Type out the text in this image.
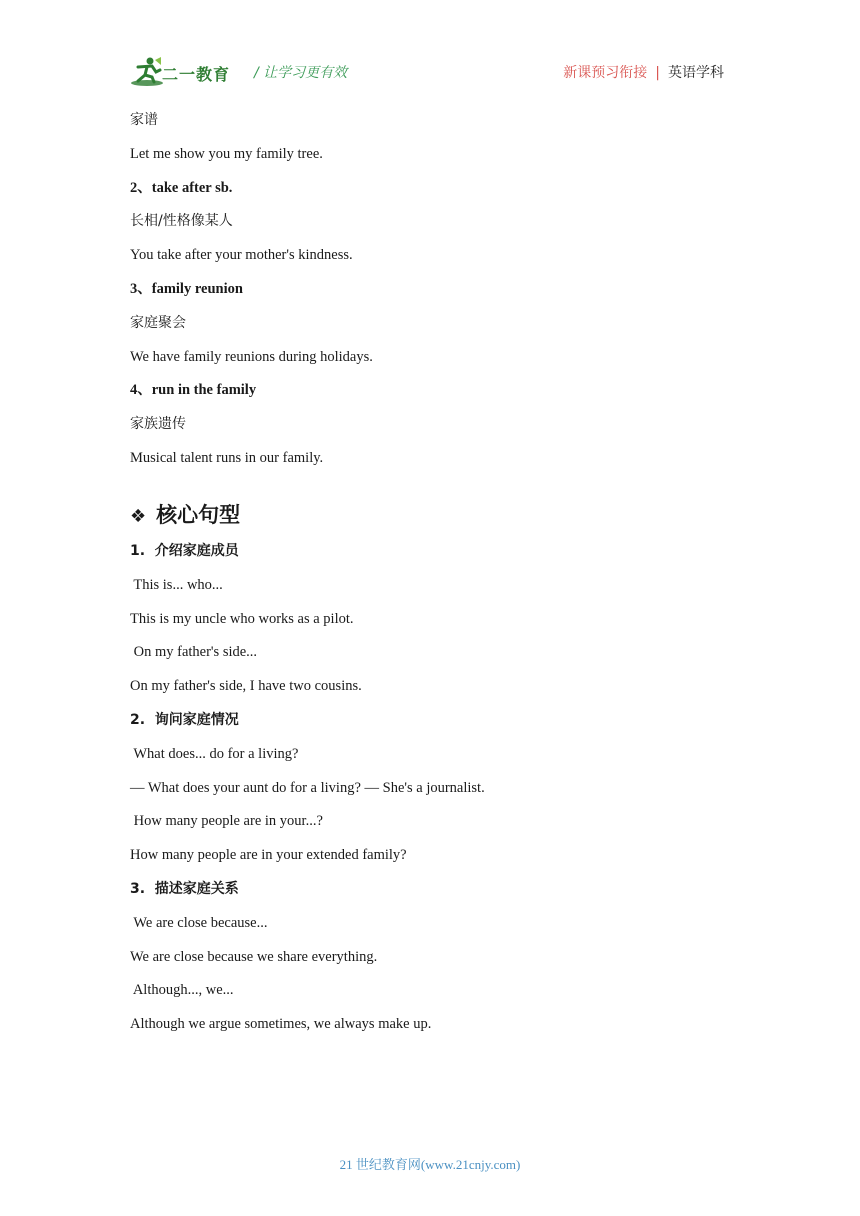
二一教育 / 让学习更有效	新课预习衔接 | 英语学科
家谱
Let me show you my family tree.
2、take after sb.
长相/性格像某人
You take after your mother's kindness.
3、family reunion
家庭聚会
We have family reunions during holidays.
4、run in the family
家族遗传
Musical talent runs in our family.
❖ 核心句型
1.  介绍家庭成员
This is... who...
This is my uncle who works as a pilot.
On my father's side...
On my father's side, I have two cousins.
2.  询问家庭情况
What does... do for a living?
— What does your aunt do for a living? — She's a journalist.
How many people are in your...?
How many people are in your extended family?
3.  描述家庭关系
We are close because...
We are close because we share everything.
Although..., we...
Although we argue sometimes, we always make up.
21 世纪教育网(www.21cnjy.com)
